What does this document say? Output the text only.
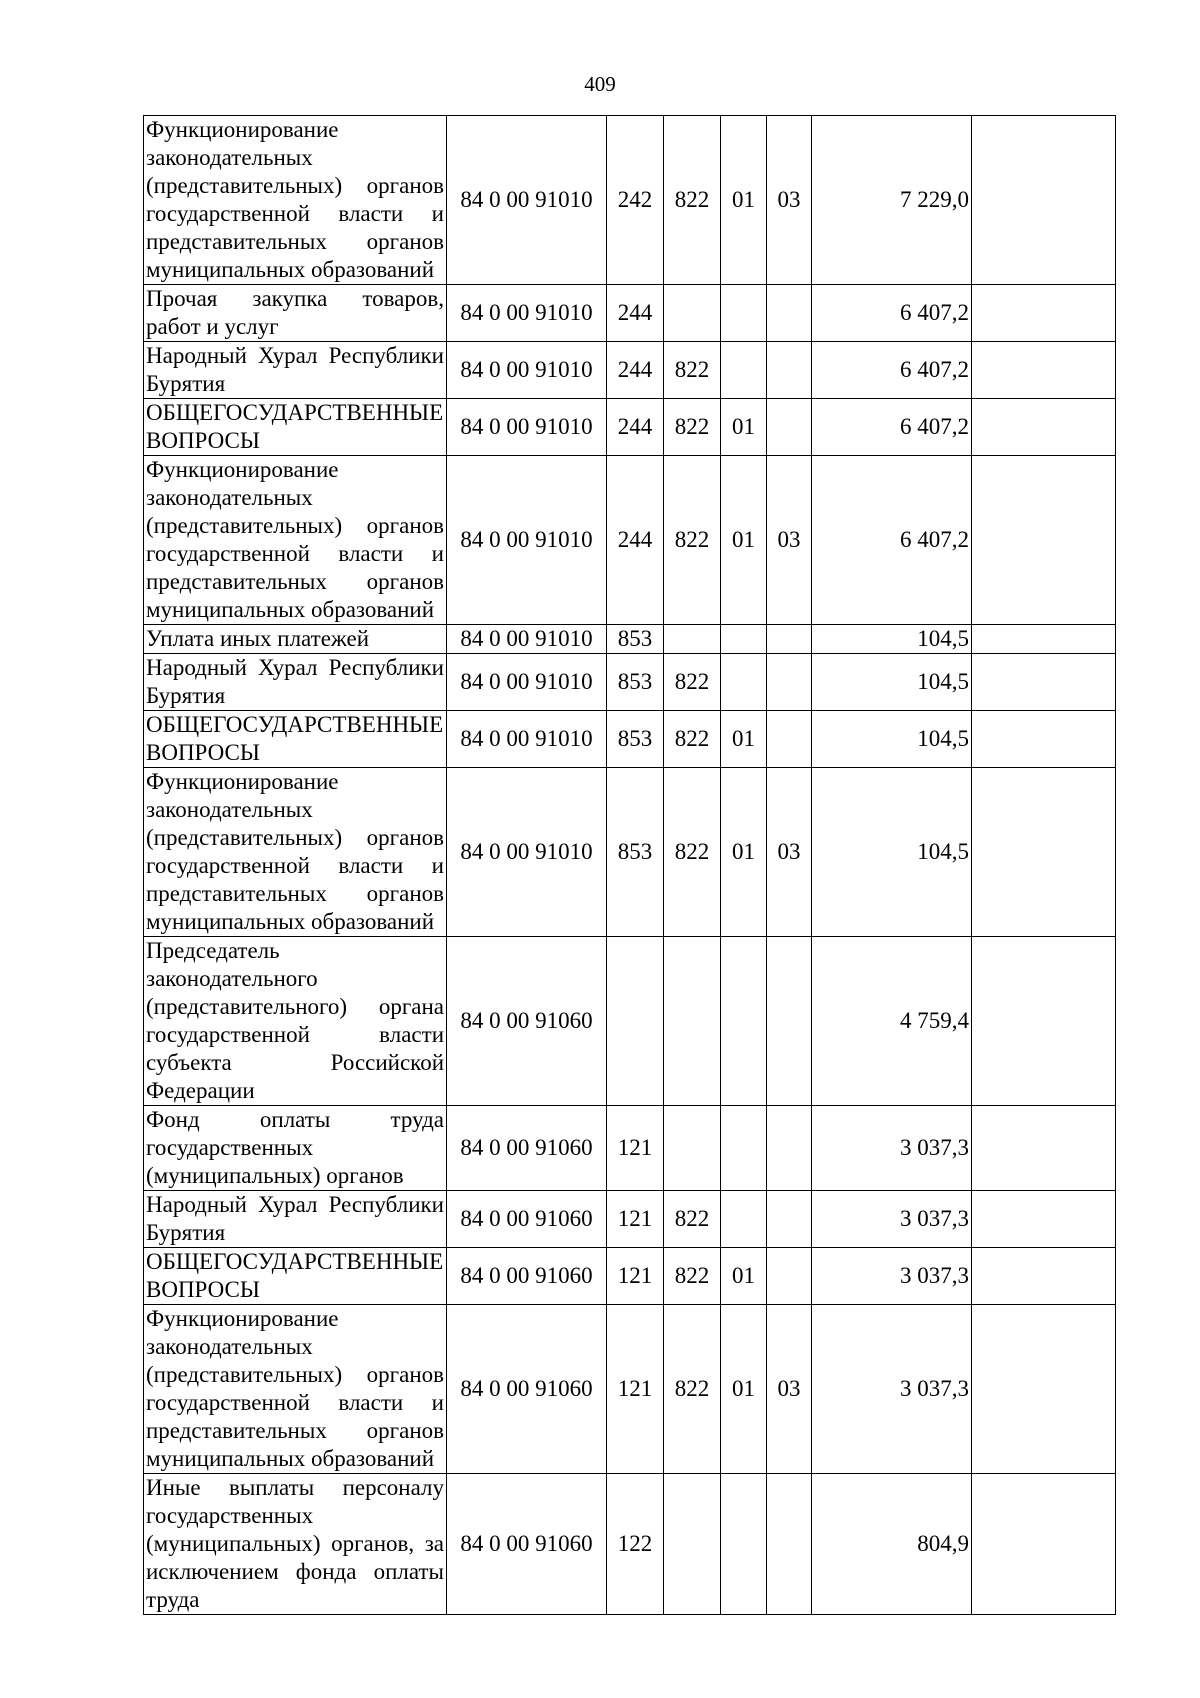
409
Функционирование законодательных (представительных) органов государственной власти и представительных органов муниципальных образований	84 0 00 91010	242	822	01	03	7 229,0	
Прочая закупка товаров, работ и услуг	84 0 00 91010	244				6 407,2	
Народный Хурал Республики Бурятия	84 0 00 91010	244	822			6 407,2	
ОБЩЕГОСУДАРСТВЕННЫЕ ВОПРОСЫ	84 0 00 91010	244	822	01		6 407,2	
Функционирование законодательных (представительных) органов государственной власти и представительных органов муниципальных образований	84 0 00 91010	244	822	01	03	6 407,2	
Уплата иных платежей	84 0 00 91010	853				104,5	
Народный Хурал Республики Бурятия	84 0 00 91010	853	822			104,5	
ОБЩЕГОСУДАРСТВЕННЫЕ ВОПРОСЫ	84 0 00 91010	853	822	01		104,5	
Функционирование законодательных (представительных) органов государственной власти и представительных органов муниципальных образований	84 0 00 91010	853	822	01	03	104,5	
Председатель законодательного (представительного) органа государственной власти субъекта Российской Федерации	84 0 00 91060					4 759,4	
Фонд оплаты труда государственных (муниципальных) органов	84 0 00 91060	121				3 037,3	
Народный Хурал Республики Бурятия	84 0 00 91060	121	822			3 037,3	
ОБЩЕГОСУДАРСТВЕННЫЕ ВОПРОСЫ	84 0 00 91060	121	822	01		3 037,3	
Функционирование законодательных (представительных) органов государственной власти и представительных органов муниципальных образований	84 0 00 91060	121	822	01	03	3 037,3	
Иные выплаты персоналу государственных (муниципальных) органов, за исключением фонда оплаты труда	84 0 00 91060	122				804,9	
